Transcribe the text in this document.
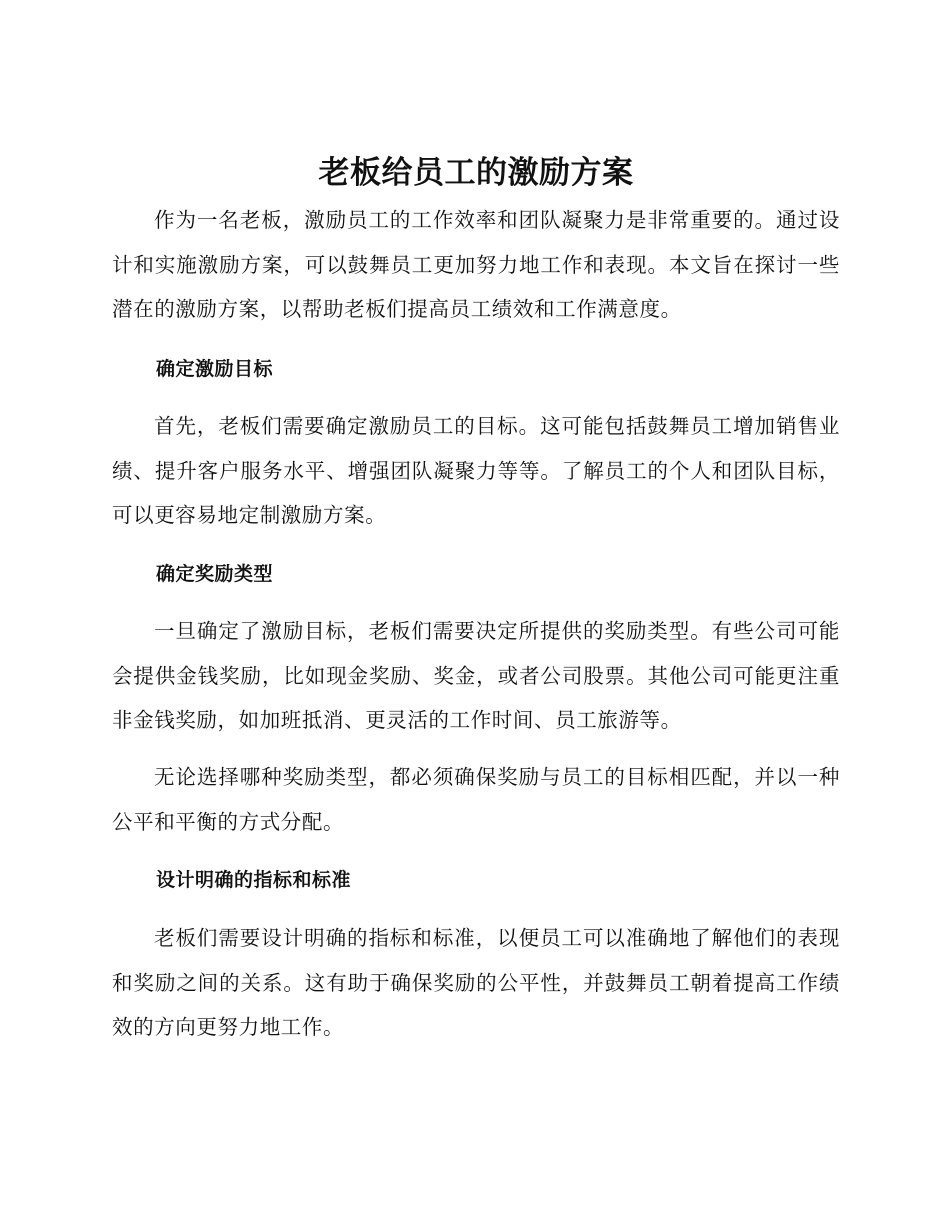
老板给员工的激励方案

作为一名老板，激励员工的工作效率和团队凝聚力是非常重要的。通过设计和实施激励方案，可以鼓舞员工更加努力地工作和表现。本文旨在探讨一些潜在的激励方案，以帮助老板们提高员工绩效和工作满意度。

确定激励目标

首先，老板们需要确定激励员工的目标。这可能包括鼓舞员工增加销售业绩、提升客户服务水平、增强团队凝聚力等等。了解员工的个人和团队目标，可以更容易地定制激励方案。

确定奖励类型

一旦确定了激励目标，老板们需要决定所提供的奖励类型。有些公司可能会提供金钱奖励，比如现金奖励、奖金，或者公司股票。其他公司可能更注重非金钱奖励，如加班抵消、更灵活的工作时间、员工旅游等。

无论选择哪种奖励类型，都必须确保奖励与员工的目标相匹配，并以一种公平和平衡的方式分配。

设计明确的指标和标准

老板们需要设计明确的指标和标准，以便员工可以准确地了解他们的表现和奖励之间的关系。这有助于确保奖励的公平性，并鼓舞员工朝着提高工作绩效的方向更努力地工作。
